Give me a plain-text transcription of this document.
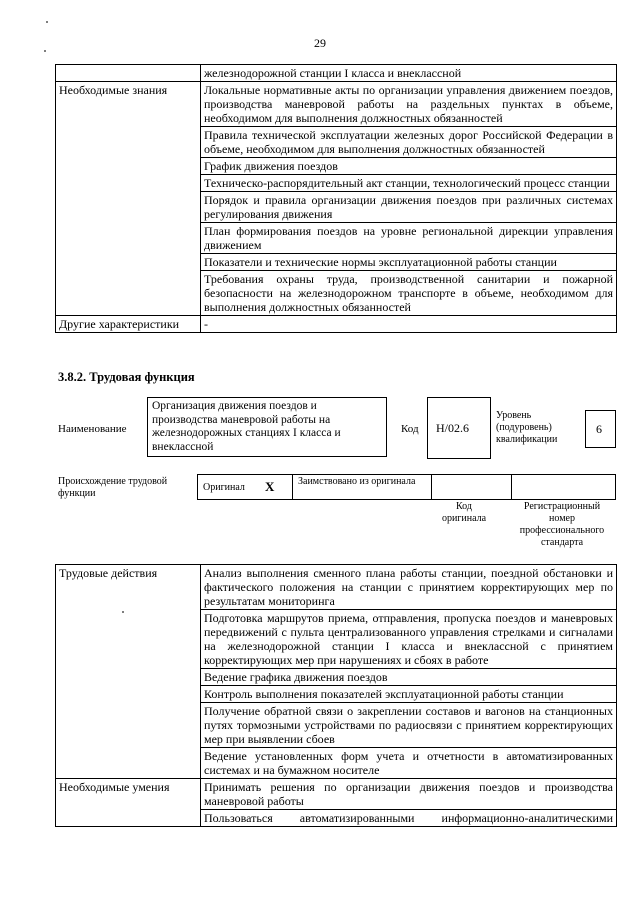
29
	железнодорожной станции I класса и внеклассной
Необходимые знания	Локальные нормативные акты по организации управления движением поездов, производства маневровой работы на раздельных пунктах в объеме, необходимом для выполнения должностных обязанностей
	Правила технической эксплуатации железных дорог Российской Федерации в объеме, необходимом для выполнения должностных обязанностей
	График движения поездов
	Техническо-распорядительный акт станции, технологический процесс станции
	Порядок и правила организации движения поездов при различных системах регулирования движения
	План формирования поездов на уровне региональной дирекции управления движением
	Показатели и технические нормы эксплуатационной работы станции
	Требования охраны труда, производственной санитарии и пожарной безопасности на железнодорожном транспорте в объеме, необходимом для выполнения должностных обязанностей
Другие характеристики	-
3.8.2. Трудовая функция
Наименование
Организация движения поездов и производства маневровой работы на железнодорожных станциях I класса и внеклассной
Код H/02.6
Уровень (подуровень) квалификации
6
Происхождение трудовой функции
Оригинал X Заимствовано из оригинала
Код оригинала
Регистрационный номер профессионального стандарта
Трудовые действия	Анализ выполнения сменного плана работы станции, поездной обстановки и фактического положения на станции с принятием корректирующих мер по результатам мониторинга
	Подготовка маршрутов приема, отправления, пропуска поездов и маневровых передвижений с пульта централизованного управления стрелками и сигналами на железнодорожной станции I класса и внеклассной с принятием корректирующих мер при нарушениях и сбоях в работе
	Ведение графика движения поездов
	Контроль выполнения показателей эксплуатационной работы станции
	Получение обратной связи о закреплении составов и вагонов на станционных путях тормозными устройствами по радиосвязи с принятием корректирующих мер при выявлении сбоев
	Ведение установленных форм учета и отчетности в автоматизированных системах и на бумажном носителе
Необходимые умения	Принимать решения по организации движения поездов и производства маневровой работы
	Пользоваться автоматизированными информационно-аналитическими
